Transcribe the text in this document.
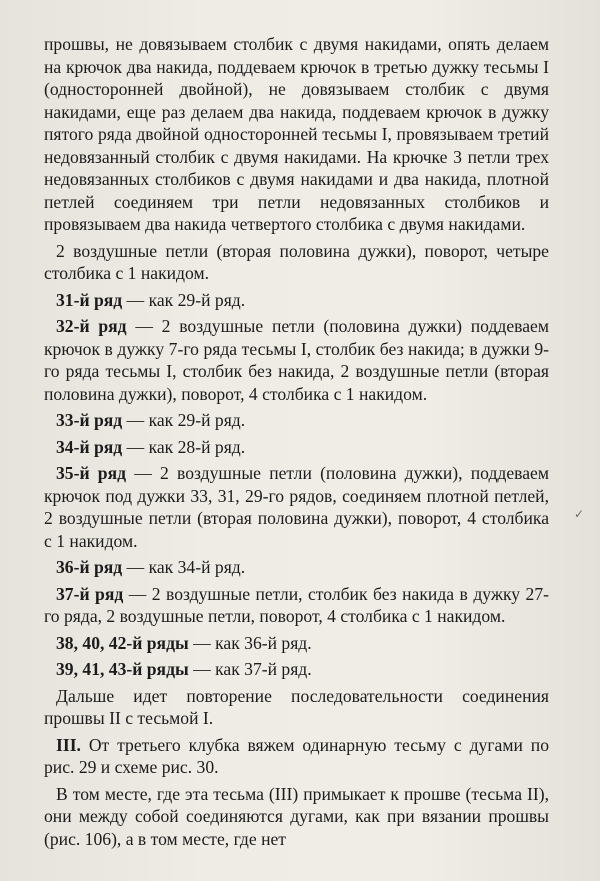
прошвы, не довязываем столбик с двумя накидами, опять делаем на крючок два накида, поддеваем крючок в третью дужку тесьмы I (односторонней двойной), не довязываем столбик с двумя накидами, еще раз делаем два накида, поддеваем крючок в дужку пятого ряда двойной односторонней тесьмы I, провязываем третий недовязанный столбик с двумя накидами. На крючке 3 петли трех недовязанных столбиков с двумя накидами и два накида, плотной петлей соединяем три петли недовязанных столбиков и провязываем два накида четвертого столбика с двумя накидами.

2 воздушные петли (вторая половина дужки), поворот, четыре столбика с 1 накидом.

31-й ряд — как 29-й ряд.

32-й ряд — 2 воздушные петли (половина дужки) поддеваем крючок в дужку 7-го ряда тесьмы I, столбик без накида; в дужки 9-го ряда тесьмы I, столбик без накида, 2 воздушные петли (вторая половина дужки), поворот, 4 столбика с 1 накидом.

33-й ряд — как 29-й ряд.

34-й ряд — как 28-й ряд.

35-й ряд — 2 воздушные петли (половина дужки), поддеваем крючок под дужки 33, 31, 29-го рядов, соединяем плотной петлей, 2 воздушные петли (вторая половина дужки), поворот, 4 столбика с 1 накидом.

36-й ряд — как 34-й ряд.

37-й ряд — 2 воздушные петли, столбик без накида в дужку 27-го ряда, 2 воздушные петли, поворот, 4 столбика с 1 накидом.

38, 40, 42-й ряды — как 36-й ряд.

39, 41, 43-й ряды — как 37-й ряд.

Дальше идет повторение последовательности соединения прошвы II с тесьмой I.

III. От третьего клубка вяжем одинарную тесьму с дугами по рис. 29 и схеме рис. 30.

В том месте, где эта тесьма (III) примыкает к прошве (тесьма II), они между собой соединяются дугами, как при вязании прошвы (рис. 106), а в том месте, где нет

✓
